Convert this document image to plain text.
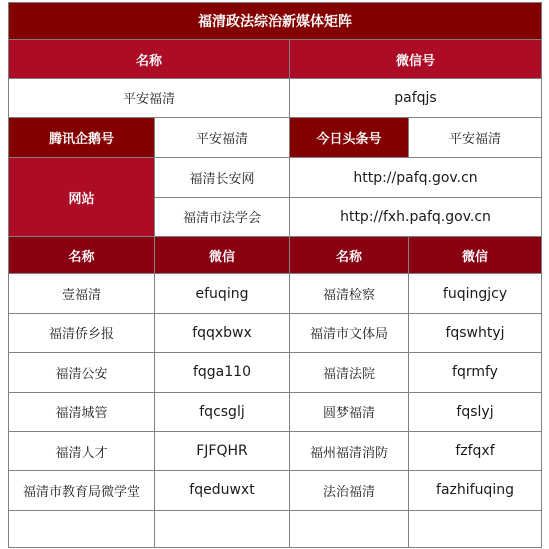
福清政法综治新媒体矩阵			
名称		微信号	
平安福清		pafqjs	
腾讯企鹅号	平安福清	今日头条号	平安福清
网站	福清长安网	http://pafq.gov.cn	
	福清市法学会	http://fxh.pafq.gov.cn	
名称	微信	名称	微信
壹福清	efuqing	福清检察	fuqingjcy
福清侨乡报	fqqxbwx	福清市文体局	fqswhtyj
福清公安	fqga110	福清法院	fqrmfy
福清城管	fqcsglj	圆梦福清	fqslyj
福清人才	FJFQHR	福州福清消防	fzfqxf
福清市教育局微学堂	fqeduwxt	法治福清	fazhifuqing
